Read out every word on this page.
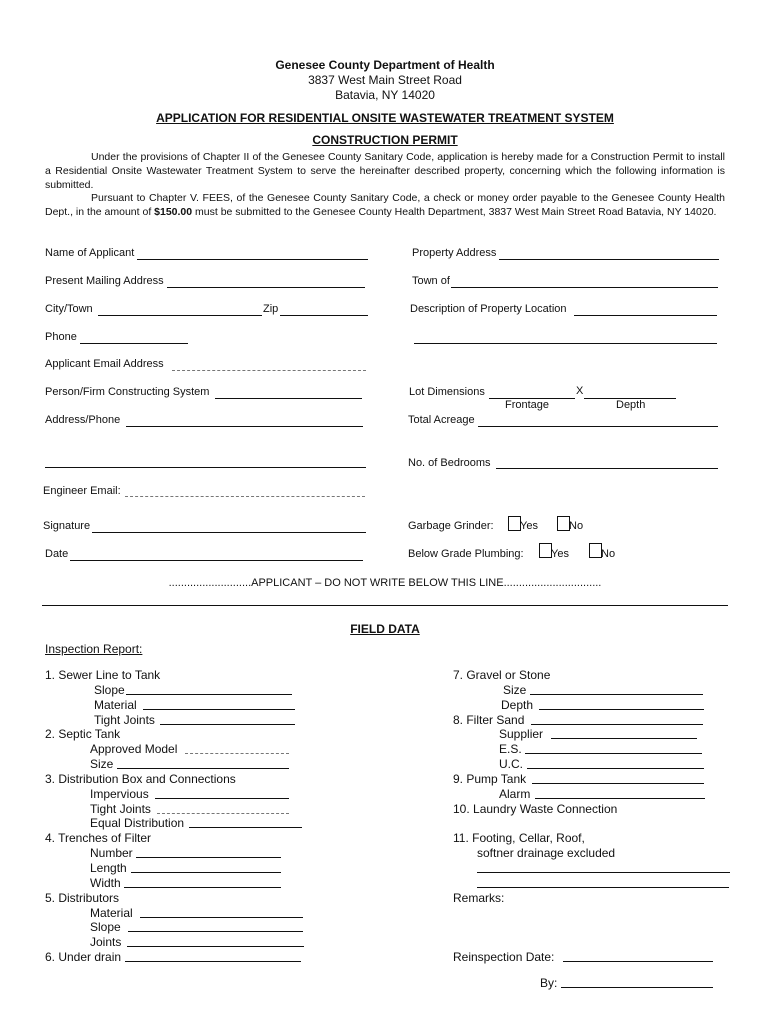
Genesee County Department of Health
3837 West Main Street Road
Batavia, NY 14020
APPLICATION FOR RESIDENTIAL ONSITE WASTEWATER TREATMENT SYSTEM
CONSTRUCTION PERMIT
Under the provisions of Chapter II of the Genesee County Sanitary Code, application is hereby made for a Construction Permit to install a Residential Onsite Wastewater Treatment System to serve the hereinafter described property, concerning which the following information is submitted.
Pursuant to Chapter V. FEES, of the Genesee County Sanitary Code, a check or money order payable to the Genesee County Health Dept., in the amount of $150.00 must be submitted to the Genesee County Health Department, 3837 West Main Street Road Batavia, NY 14020.
Name of Applicant
Present Mailing Address
City/Town	Zip
Phone
Applicant Email Address
Person/Firm Constructing System
Address/Phone
Engineer Email:
Signature
Date
Property Address
Town of
Description of Property Location
Lot Dimensions	X
Frontage	Depth
Total Acreage
No. of Bedrooms
Garbage Grinder: Yes	No
Below Grade Plumbing: Yes	No
...........................APPLICANT – DO NOT WRITE BELOW THIS LINE................................
FIELD DATA
Inspection Report:
1. Sewer Line to Tank
Slope
Material
Tight Joints
2. Septic Tank
Approved Model
Size
3. Distribution Box and Connections
Impervious
Tight Joints
Equal Distribution
4. Trenches of Filter
Number
Length
Width
5. Distributors
Material
Slope
Joints
6. Under drain
7. Gravel or Stone
Size
Depth
8. Filter Sand
Supplier
E.S.
U.C.
9. Pump Tank
Alarm
10. Laundry Waste Connection
11. Footing, Cellar, Roof,
softner drainage excluded
Remarks:
Reinspection Date:
By:
